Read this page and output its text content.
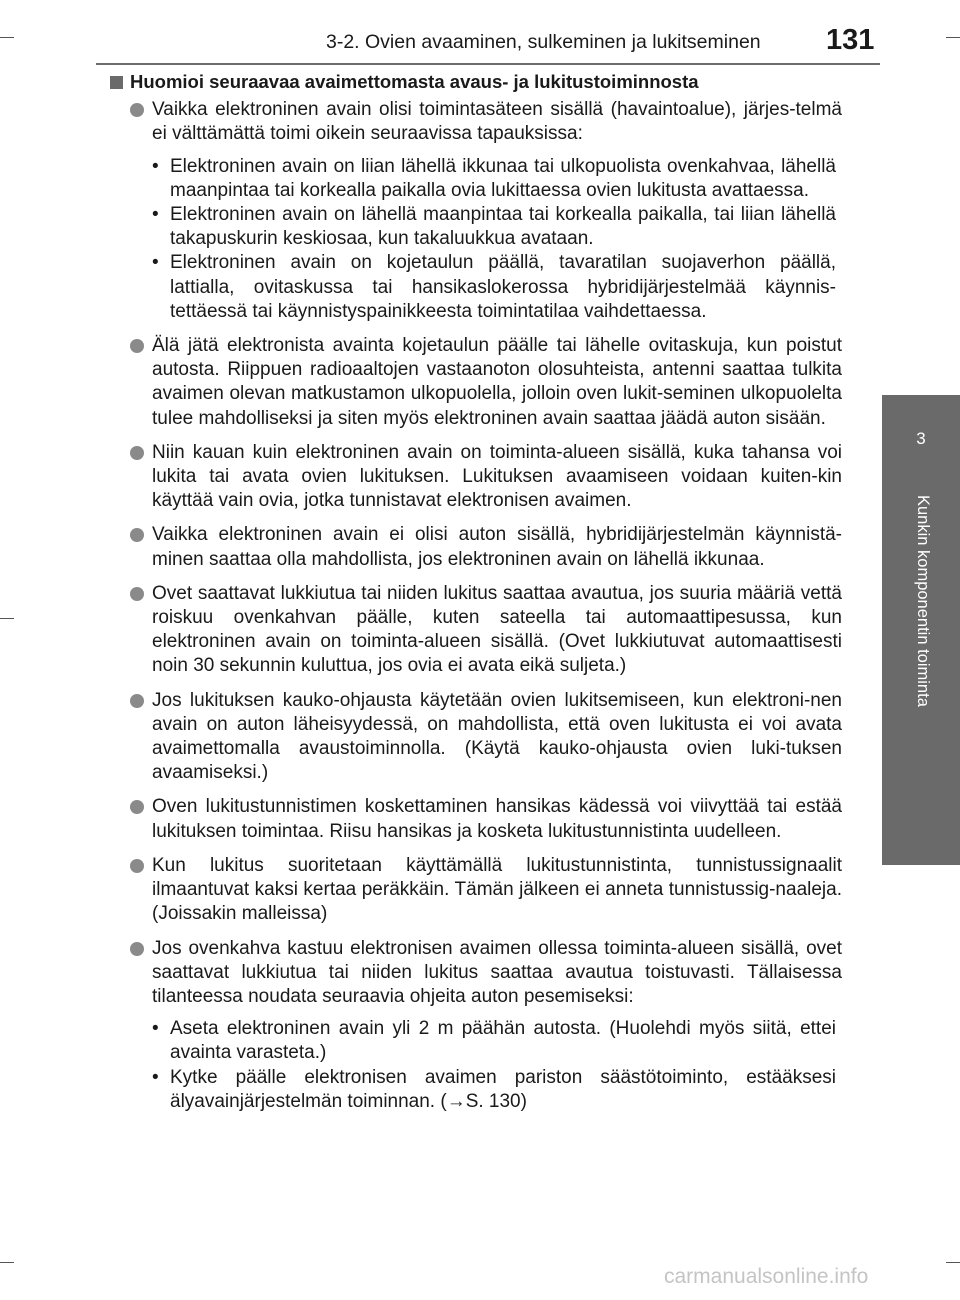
3-2. Ovien avaaminen, sulkeminen ja lukitseminen 131
3
Kunkin komponentin toiminta
Huomioi seuraavaa avaimettomasta avaus- ja lukitustoiminnosta
Vaikka elektroninen avain olisi toimintasäteen sisällä (havaintoalue), järjes-telmä ei välttämättä toimi oikein seuraavissa tapauksissa:
• Elektroninen avain on liian lähellä ikkunaa tai ulkopuolista ovenkahvaa, lähellä maanpintaa tai korkealla paikalla ovia lukittaessa ovien lukitusta avattaessa.
• Elektroninen avain on lähellä maanpintaa tai korkealla paikalla, tai liian lähellä takapuskurin keskiosaa, kun takaluukkua avataan.
• Elektroninen avain on kojetaulun päällä, tavaratilan suojaverhon päällä, lattialla, ovitaskussa tai hansikaslokerossa hybridijärjestelmää käynnis-tettäessä tai käynnistyspainikkeesta toimintatilaa vaihdettaessa.
Älä jätä elektronista avainta kojetaulun päälle tai lähelle ovitaskuja, kun poistut autosta. Riippuen radioaaltojen vastaanoton olosuhteista, antenni saattaa tulkita avaimen olevan matkustamon ulkopuolella, jolloin oven lukit-seminen ulkopuolelta tulee mahdolliseksi ja siten myös elektroninen avain saattaa jäädä auton sisään.
Niin kauan kuin elektroninen avain on toiminta-alueen sisällä, kuka tahansa voi lukita tai avata ovien lukituksen. Lukituksen avaamiseen voidaan kuiten-kin käyttää vain ovia, jotka tunnistavat elektronisen avaimen.
Vaikka elektroninen avain ei olisi auton sisällä, hybridijärjestelmän käynnistä-minen saattaa olla mahdollista, jos elektroninen avain on lähellä ikkunaa.
Ovet saattavat lukkiutua tai niiden lukitus saattaa avautua, jos suuria määriä vettä roiskuu ovenkahvan päälle, kuten sateella tai automaattipesussa, kun elektroninen avain on toiminta-alueen sisällä. (Ovet lukkiutuvat automaattisesti noin 30 sekunnin kuluttua, jos ovia ei avata eikä suljeta.)
Jos lukituksen kauko-ohjausta käytetään ovien lukitsemiseen, kun elektroni-nen avain on auton läheisyydessä, on mahdollista, että oven lukitusta ei voi avata avaimettomalla avaustoiminnolla. (Käytä kauko-ohjausta ovien luki-tuksen avaamiseksi.)
Oven lukitustunnistimen koskettaminen hansikas kädessä voi viivyttää tai estää lukituksen toimintaa. Riisu hansikas ja kosketa lukitustunnistinta uudelleen.
Kun lukitus suoritetaan käyttämällä lukitustunnistinta, tunnistussignaalit ilmaantuvat kaksi kertaa peräkkäin. Tämän jälkeen ei anneta tunnistussig-naaleja. (Joissakin malleissa)
Jos ovenkahva kastuu elektronisen avaimen ollessa toiminta-alueen sisällä, ovet saattavat lukkiutua tai niiden lukitus saattaa avautua toistuvasti. Tällaisessa tilanteessa noudata seuraavia ohjeita auton pesemiseksi:
• Aseta elektroninen avain yli 2 m päähän autosta. (Huolehdi myös siitä, ettei avainta varasteta.)
• Kytke päälle elektronisen avaimen pariston säästötoiminto, estääksesi älyavainjärjestelmän toiminnan. (→S. 130)
carmanualsonline.info
